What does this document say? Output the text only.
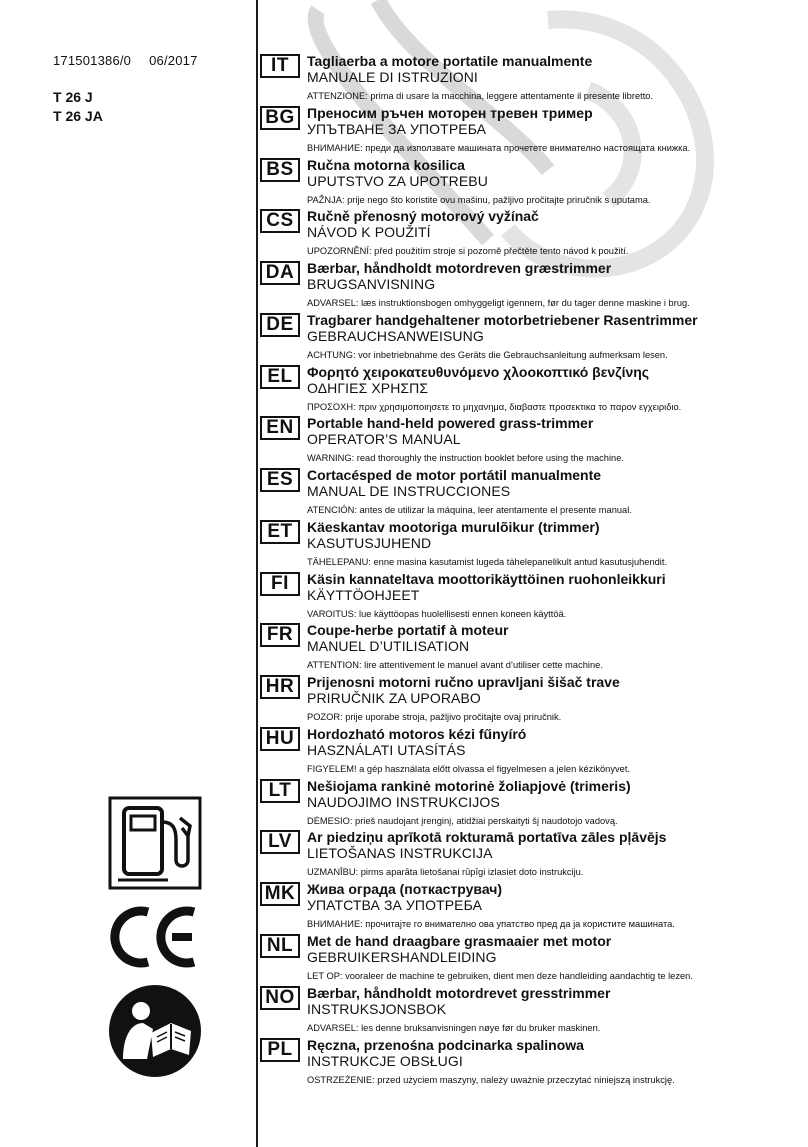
171501386/0 06/2017
T 26 J
T 26 JA
IT	Tagliaerba a motore portatile manualmente
MANUALE DI ISTRUZIONI
ATTENZIONE: prima di usare la macchina, leggere attentamente il presente libretto.
BG Преносим ръчен моторен тревен тример
УПЪТВАНЕ ЗА УПОТРЕБА
ВНИМАНИЕ: преди да използвате машината прочетете внимателно настоящата книжка.
BS Ručna motorna kosilica
UPUTSTVO ZA UPOTREBU
PAŽNJA: prije nego što koristite ovu mašinu, pažljivo pročitajte priručnik s uputama.
CS Ručně přenosný motorový vyžínač
NÁVOD K POUŽITÍ
UPOZORNĚNÍ: před použitím stroje si pozorně přečtěte tento návod k použití.
DA Bærbar, håndholdt motordreven græstrimmer
BRUGSANVISNING
ADVARSEL: læs instruktionsbogen omhyggeligt igennem, før du tager denne maskine i brug.
DE Tragbarer handgehaltener motorbetriebener Rasentrimmer
GEBRAUCHSANWEISUNG
ACHTUNG: vor inbetriebnahme des Geräts die Gebrauchsanleitung aufmerksam lesen.
EL	Φορητό χειροκατευθυνόμενο χλοοκοπτικό βενζίνης
ΟΔΗΓΙΕΣ ΧΡΗΣΠΣ
ΠΡΟΣΟΧΗ: πριν χρησιμοποιησετε το μηχανημα, διαβαστε προσεκτικα το παρον εγχειριδιο.
EN Portable hand-held powered grass-trimmer
OPERATOR’S MANUAL
WARNING: read thoroughly the instruction booklet before using the machine.
ES Cortacésped de motor portátil manualmente
MANUAL DE INSTRUCCIONES
ATENCIÓN: antes de utilizar la máquina, leer atentamente el presente manual.
ET	Käeskantav mootoriga murulõikur (trimmer)
KASUTUSJUHEND
TÄHELEPANU: enne masina kasutamist lugeda tähelepanelikult antud kasutusjuhendit.
FI	Käsin kannateltava moottorikäyttöinen ruohonleikkuri
KÄYTTÖOHJEET
VAROITUS: lue käyttöopas huolellisesti ennen koneen käyttöä.
FR Coupe-herbe portatif à moteur
MANUEL D’UTILISATION
ATTENTION: lire attentivement le manuel avant d’utiliser cette machine.
HR Prijenosni motorni ručno upravljani šišač trave
PRIRUČNIK ZA UPORABO
POZOR: prije uporabe stroja, pažljivo pročitajte ovaj priručnik.
HU Hordozható motoros kézi fűnyíró
HASZNÁLATI UTASÍTÁS
FIGYELEM! a gép használata előtt olvassa el figyelmesen a jelen kézikönyvet.
LT	Nešiojama rankinė motorinė žoliapjovė (trimeris)
NAUDOJIMO INSTRUKCIJOS
DĖMESIO: prieš naudojant įrenginį, atidžiai perskaityti šį naudotojo vadovą.
LV	Ar piedziņu aprīkotā rokturamā portatīva zāles pļāvējs
LIETOŠANAS INSTRUKCIJA
UZMANĪBU: pirms aparāta lietošanai rūpīgi izlasiet doto instrukciju.
MK Жива ограда (поткаструвач)
УПАТСТВА ЗА УПОТРЕБА
ВНИМАНИЕ: прочитајте го внимателно ова упатство пред да ја користите машината.
NL Met de hand draagbare grasmaaier met motor
GEBRUIKERSHANDLEIDING
LET OP: vooraleer de machine te gebruiken, dient men deze handleiding aandachtig te lezen.
NO Bærbar, håndholdt motordrevet gresstrimmer
INSTRUKSJONSBOK
ADVARSEL: les denne bruksanvisningen nøye før du bruker maskinen.
PL	Ręczna, przenośna podcinarka spalinowa
INSTRUKCJE OBSŁUGI
OSTRZEŻENIE: przed użyciem maszyny, należy uważnie przeczytać niniejszą instrukcję.
